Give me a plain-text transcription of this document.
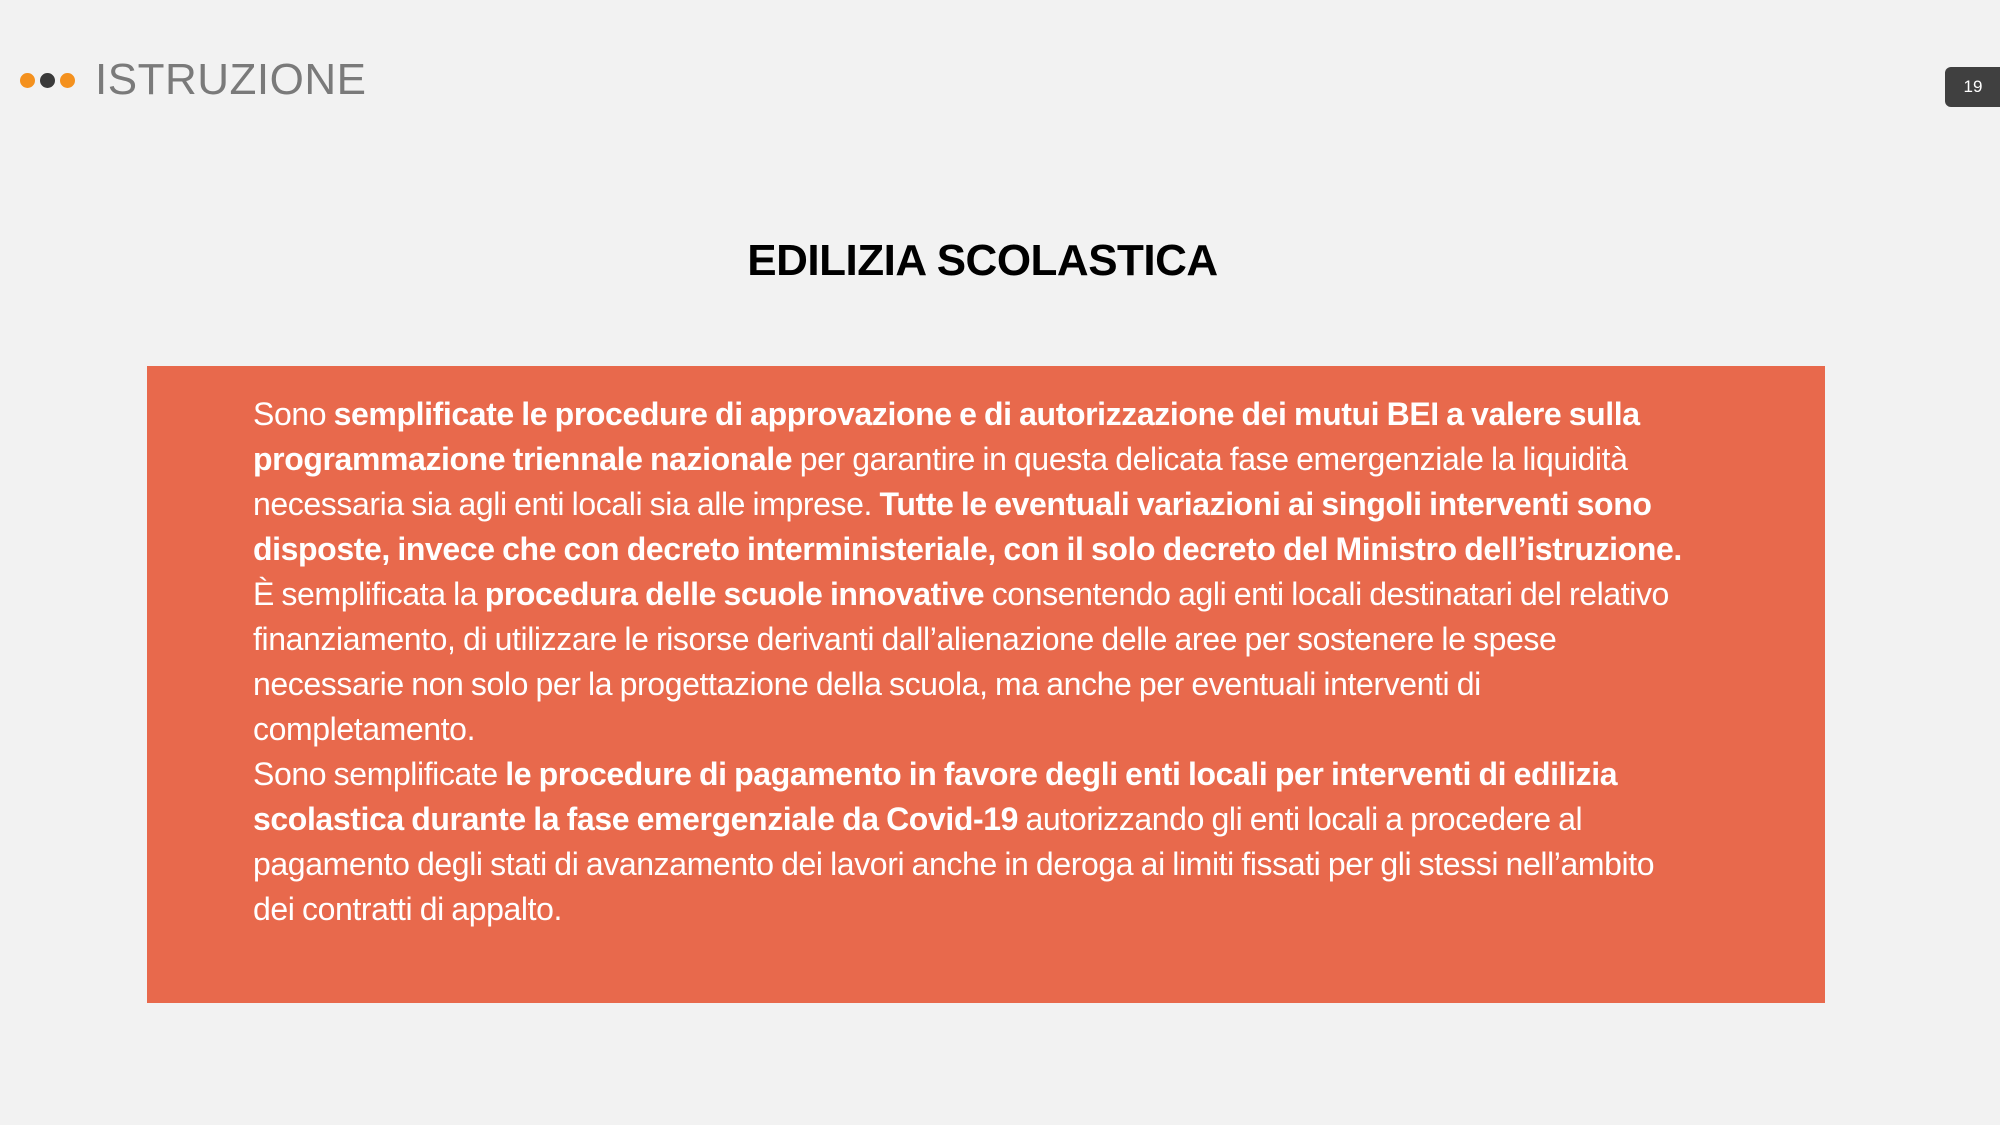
ISTRUZIONE	19
EDILIZIA SCOLASTICA

Sono semplificate le procedure di approvazione e di autorizzazione dei mutui BEI a valere sulla programmazione triennale nazionale per garantire in questa delicata fase emergenziale la liquidità necessaria sia agli enti locali sia alle imprese. Tutte le eventuali variazioni ai singoli interventi sono disposte, invece che con decreto interministeriale, con il solo decreto del Ministro dell’istruzione.

È semplificata la procedura delle scuole innovative consentendo agli enti locali destinatari del relativo finanziamento, di utilizzare le risorse derivanti dall’alienazione delle aree per sostenere le spese necessarie non solo per la progettazione della scuola, ma anche per eventuali interventi di completamento.

Sono semplificate le procedure di pagamento in favore degli enti locali per interventi di edilizia scolastica durante la fase emergenziale da Covid-19 autorizzando gli enti locali a procedere al pagamento degli stati di avanzamento dei lavori anche in deroga ai limiti fissati per gli stessi nell’ambito dei contratti di appalto.
